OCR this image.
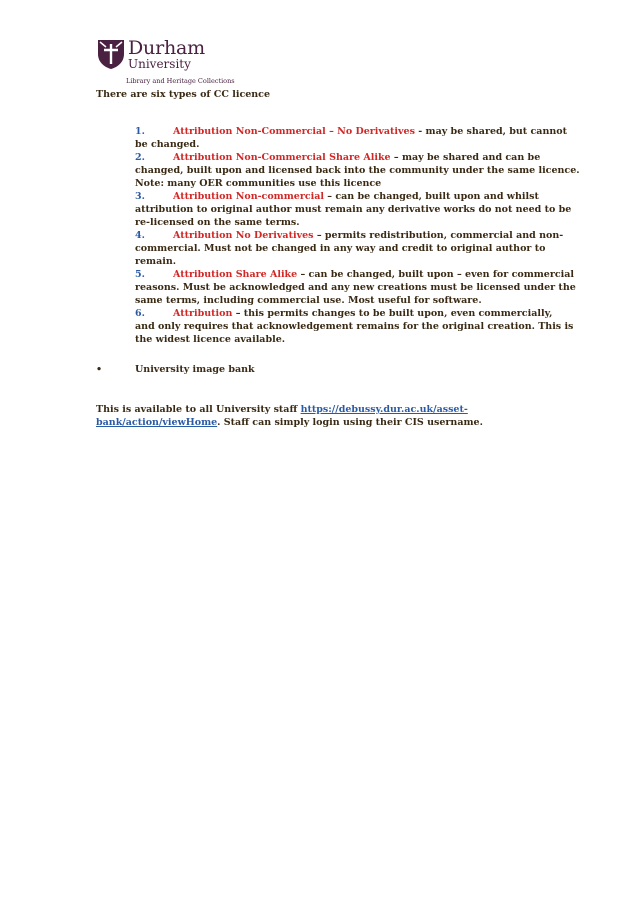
Durham
University
Library and Heritage Collections
There are six types of CC licence
1.	Attribution Non-Commercial – No Derivatives - may be shared, but cannot
be changed.
2.	Attribution Non-Commercial Share Alike – may be shared and can be
changed, built upon and licensed back into the community under the same licence.
Note: many OER communities use this licence
3.	Attribution Non-commercial – can be changed, built upon and whilst
attribution to original author must remain any derivative works do not need to be
re-licensed on the same terms.
4.	Attribution No Derivatives – permits redistribution, commercial and non-
commercial. Must not be changed in any way and credit to original author to
remain.
5.	Attribution Share Alike – can be changed, built upon – even for commercial
reasons. Must be acknowledged and any new creations must be licensed under the
same terms, including commercial use. Most useful for software.
6.	Attribution – this permits changes to be built upon, even commercially,
and only requires that acknowledgement remains for the original creation. This is
the widest licence available.
•	University image bank
This is available to all University staff https://debussy.dur.ac.uk/asset-
bank/action/viewHome. Staff can simply login using their CIS username.
